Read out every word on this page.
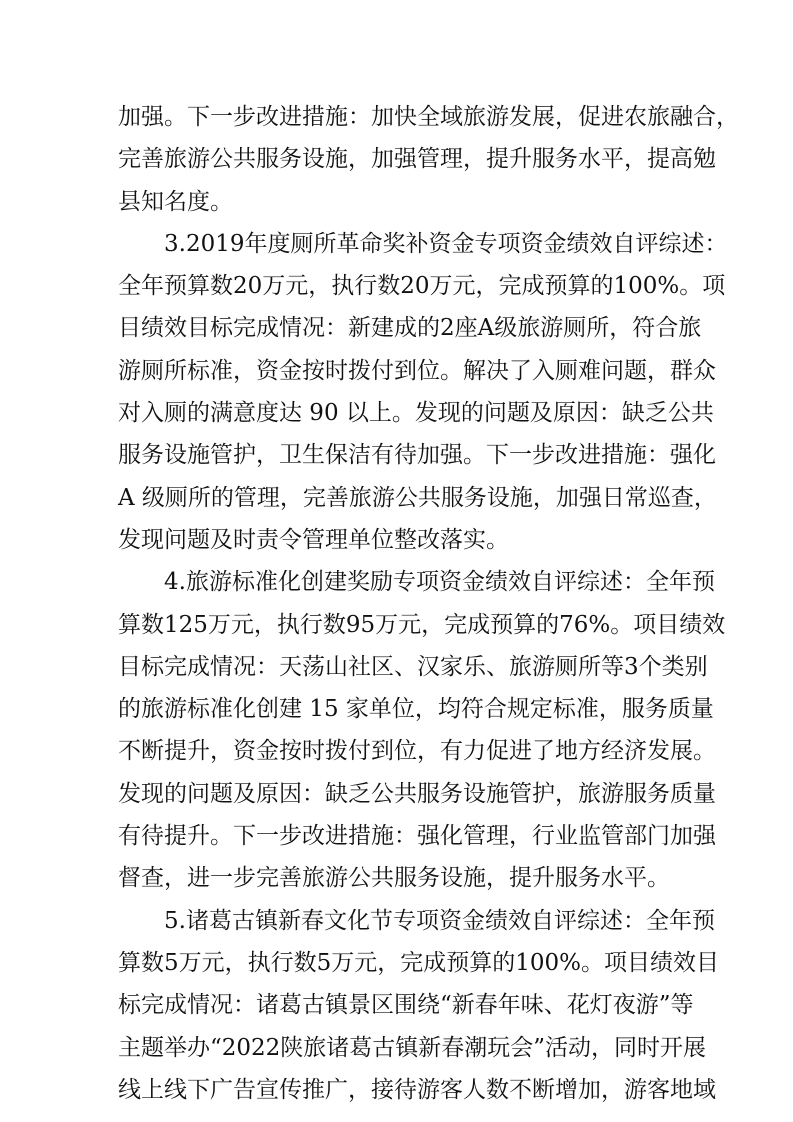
加强。下一步改进措施：加快全域旅游发展，促进农旅融合，
完善旅游公共服务设施，加强管理，提升服务水平，提高勉
县知名度。
3.2019年度厕所革命奖补资金专项资金绩效自评综述：
全年预算数20万元，执行数20万元，完成预算的100%。项
目绩效目标完成情况：新建成的2座A级旅游厕所，符合旅
游厕所标准，资金按时拨付到位。解决了入厕难问题，群众
对入厕的满意度达 90 以上。发现的问题及原因：缺乏公共
服务设施管护，卫生保洁有待加强。下一步改进措施：强化
A 级厕所的管理，完善旅游公共服务设施，加强日常巡查，
发现问题及时责令管理单位整改落实。
4.旅游标准化创建奖励专项资金绩效自评综述：全年预
算数125万元，执行数95万元，完成预算的76%。项目绩效
目标完成情况：天荡山社区、汉家乐、旅游厕所等3个类别
的旅游标准化创建 15 家单位，均符合规定标准，服务质量
不断提升，资金按时拨付到位，有力促进了地方经济发展。
发现的问题及原因：缺乏公共服务设施管护，旅游服务质量
有待提升。下一步改进措施：强化管理，行业监管部门加强
督查，进一步完善旅游公共服务设施，提升服务水平。
5.诸葛古镇新春文化节专项资金绩效自评综述：全年预
算数5万元，执行数5万元，完成预算的100%。项目绩效目
标完成情况：诸葛古镇景区围绕“新春年味、花灯夜游”等
主题举办“2022陕旅诸葛古镇新春潮玩会”活动，同时开展
线上线下广告宣传推广，接待游客人数不断增加，游客地域
